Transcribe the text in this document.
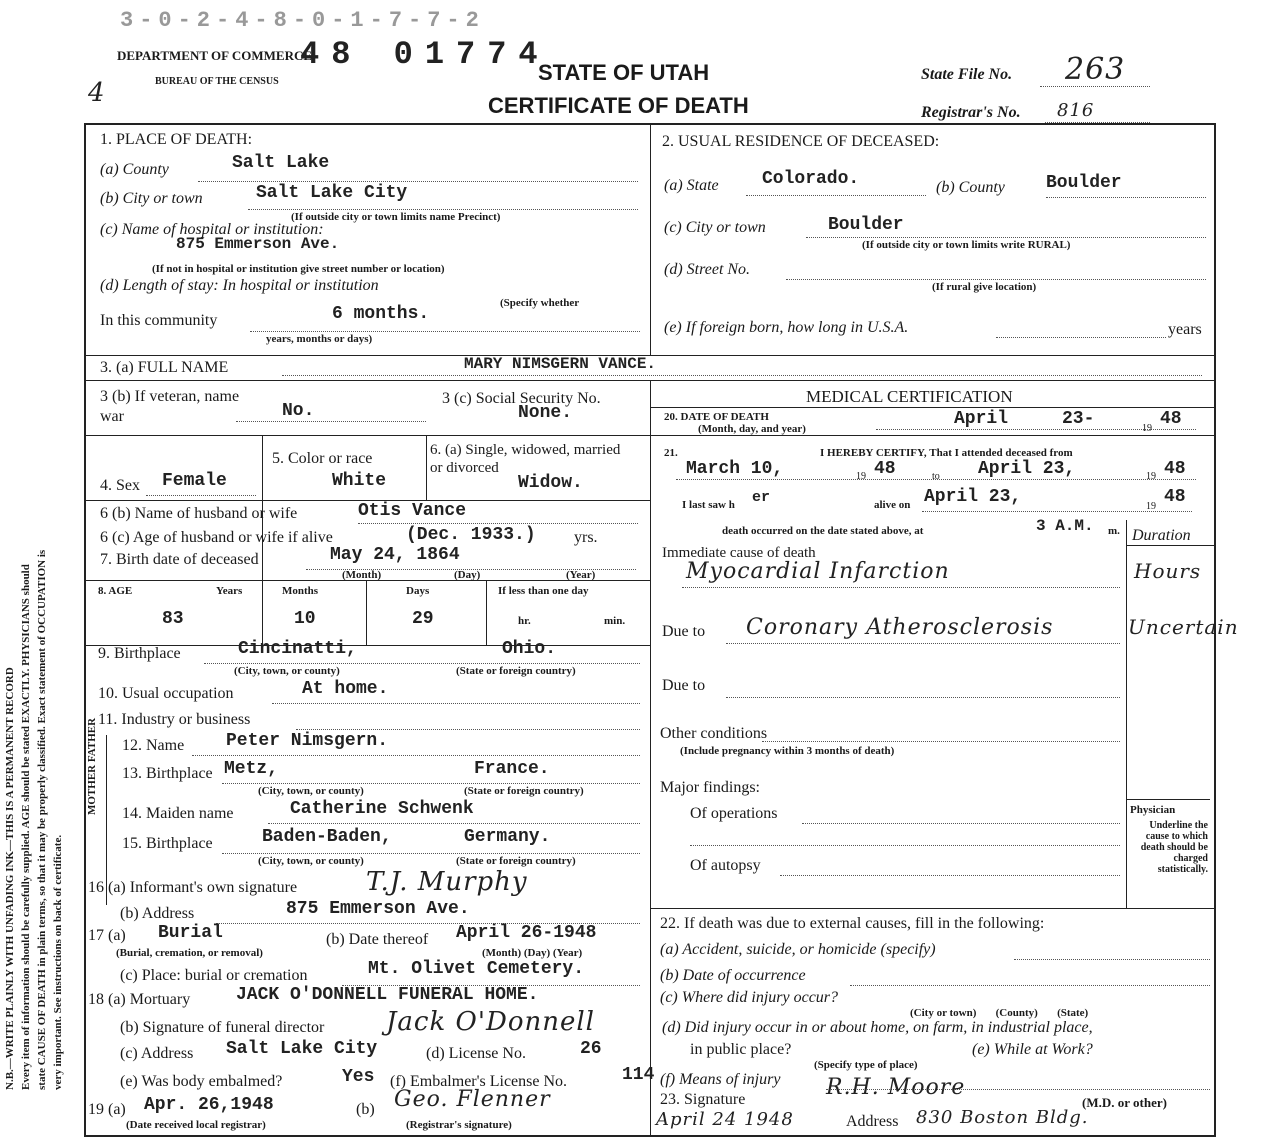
4
3-0-2-4-8-0-1-7-7-2
DEPARTMENT OF COMMERCE
BUREAU OF THE CENSUS
48 01774
STATE OF UTAH
CERTIFICATE OF DEATH
State File No. 263
Registrar's No. 816
N.B.—WRITE PLAINLY WITH UNFADING INK—THIS IS A PERMANENT RECORD Every item of information should be carefully supplied. AGE should be stated EXACTLY. PHYSICIANS should state CAUSE OF DEATH in plain terms, so that it may be properly classified. Exact statement of OCCUPATION is very important. See instructions on back of certificate.
1. PLACE OF DEATH:
(a) County	Salt Lake
(b) City or town	Salt Lake City
(If outside city or town limits name Precinct)
(c) Name of hospital or institution:
875 Emmerson Ave.
(If not in hospital or institution give street number or location)
(d) Length of stay: In hospital or institution
(Specify whether
In this community	6 months.
years, months or days)
2. USUAL RESIDENCE OF DECEASED:
(a) State Colorado.	(b) County Boulder
(c) City or town	Boulder
(If outside city or town limits write RURAL)
(d) Street No.
(If rural give location)
(e) If foreign born, how long in U.S.A.	years
3. (a) FULL NAME	MARY NIMSGERN VANCE.
3 (b) If veteran, name war	No.
3 (c) Social Security No.
None.
MEDICAL CERTIFICATION
20. DATE OF DEATH
(Month, day, and year)	April	23-	19 48
4. Sex Female
5. Color or race
White
6. (a) Single, widowed, married or divorced
Widow.
6 (b) Name of husband or wife	Otis Vance
6 (c) Age of husband or wife if alive	(Dec. 1933.) yrs.
7. Birth date of deceased	May 24, 1864
(Month)	(Day)	(Year)
21.	I HEREBY CERTIFY, That I attended deceased from
March 10,	19 48	to April 23,	19 48
I last saw h er	alive on April 23,	19 48
death occurred on the date stated above, at	3 A.M. m. Duration
Immediate cause of death
Myocardial Infarction	Hours
8. AGE	Years	Months	Days	If less than one day
83	10	29	hr.	min.
Due to Coronary Atherosclerosis	Uncertain
Due to
9. Birthplace	Cincinatti,	Ohio.
(City, town, or county)	(State or foreign country)
10. Usual occupation	At home.
11. Industry or business
MOTHER FATHER 12. Name Peter Nimsgern.
13. Birthplace Metz,	France.
(City, town, or county)	(State or foreign country)
14. Maiden name	Catherine Schwenk
15. Birthplace	Baden-Baden,	Germany.
(City, town, or county)	(State or foreign country)
Other conditions
(Include pregnancy within 3 months of death)
Major findings:
Of operations
Of autopsy
Physician
Underline the cause to which death should be charged statistically.
16 (a) Informant's own signature	T.J. Murphy
(b) Address	875 Emmerson Ave.
22. If death was due to external causes, fill in the following:
(a) Accident, suicide, or homicide (specify)
(b) Date of occurrence
(c) Where did injury occur?
(City or town)       (County)       (State)
(d) Did injury occur in or about home, on farm, in industrial place,
in public place?	(e) While at Work?
(Specify type of place)
(f) Means of injury
23. Signature	R.H. Moore
(M.D. or other)
April 24 1948	Address 830 Boston Bldg.
17 (a) Burial
(Burial, cremation, or removal)
(b) Date thereof April 26-1948
(Month) (Day) (Year)
(c) Place: burial or cremation	Mt. Olivet Cemetery.
18 (a) Mortuary	JACK O'DONNELL FUNERAL HOME.
(b) Signature of funeral director Jack O'Donnell
(c) Address Salt Lake City	(d) License No.	26
(e) Was body embalmed?	Yes (f) Embalmer's License No.	114
19 (a) Apr. 26,1948
(Date received local registrar)
(b) Geo. Flenner
(Registrar's signature)
